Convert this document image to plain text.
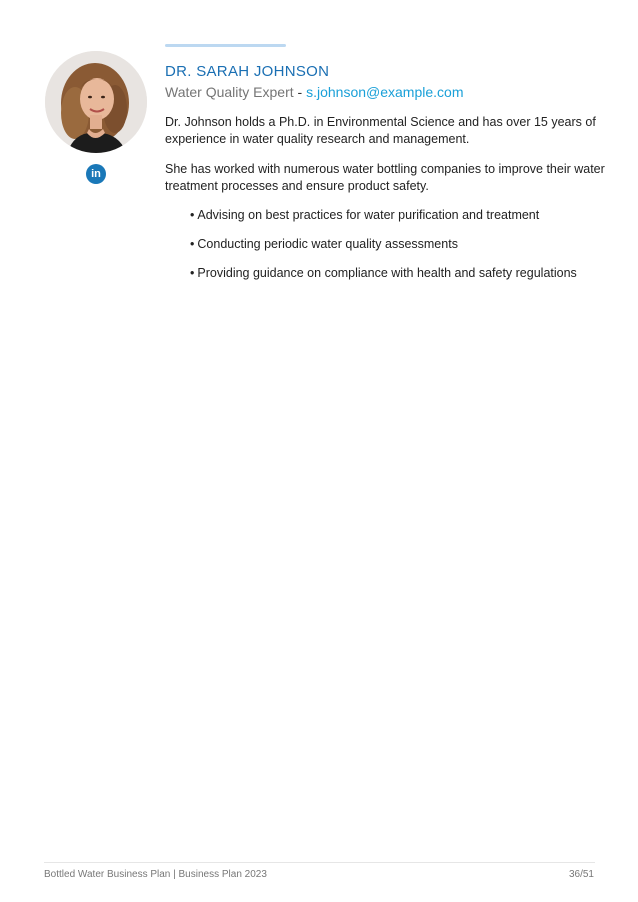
in
DR. SARAH JOHNSON
Water Quality Expert - s.johnson@example.com

Dr. Johnson holds a Ph.D. in Environmental Science and has over 15 years of experience in water quality research and management.

She has worked with numerous water bottling companies to improve their water treatment processes and ensure product safety.

• Advising on best practices for water purification and treatment
• Conducting periodic water quality assessments
• Providing guidance on compliance with health and safety regulations
Bottled Water Business Plan | Business Plan 2023	36/51
